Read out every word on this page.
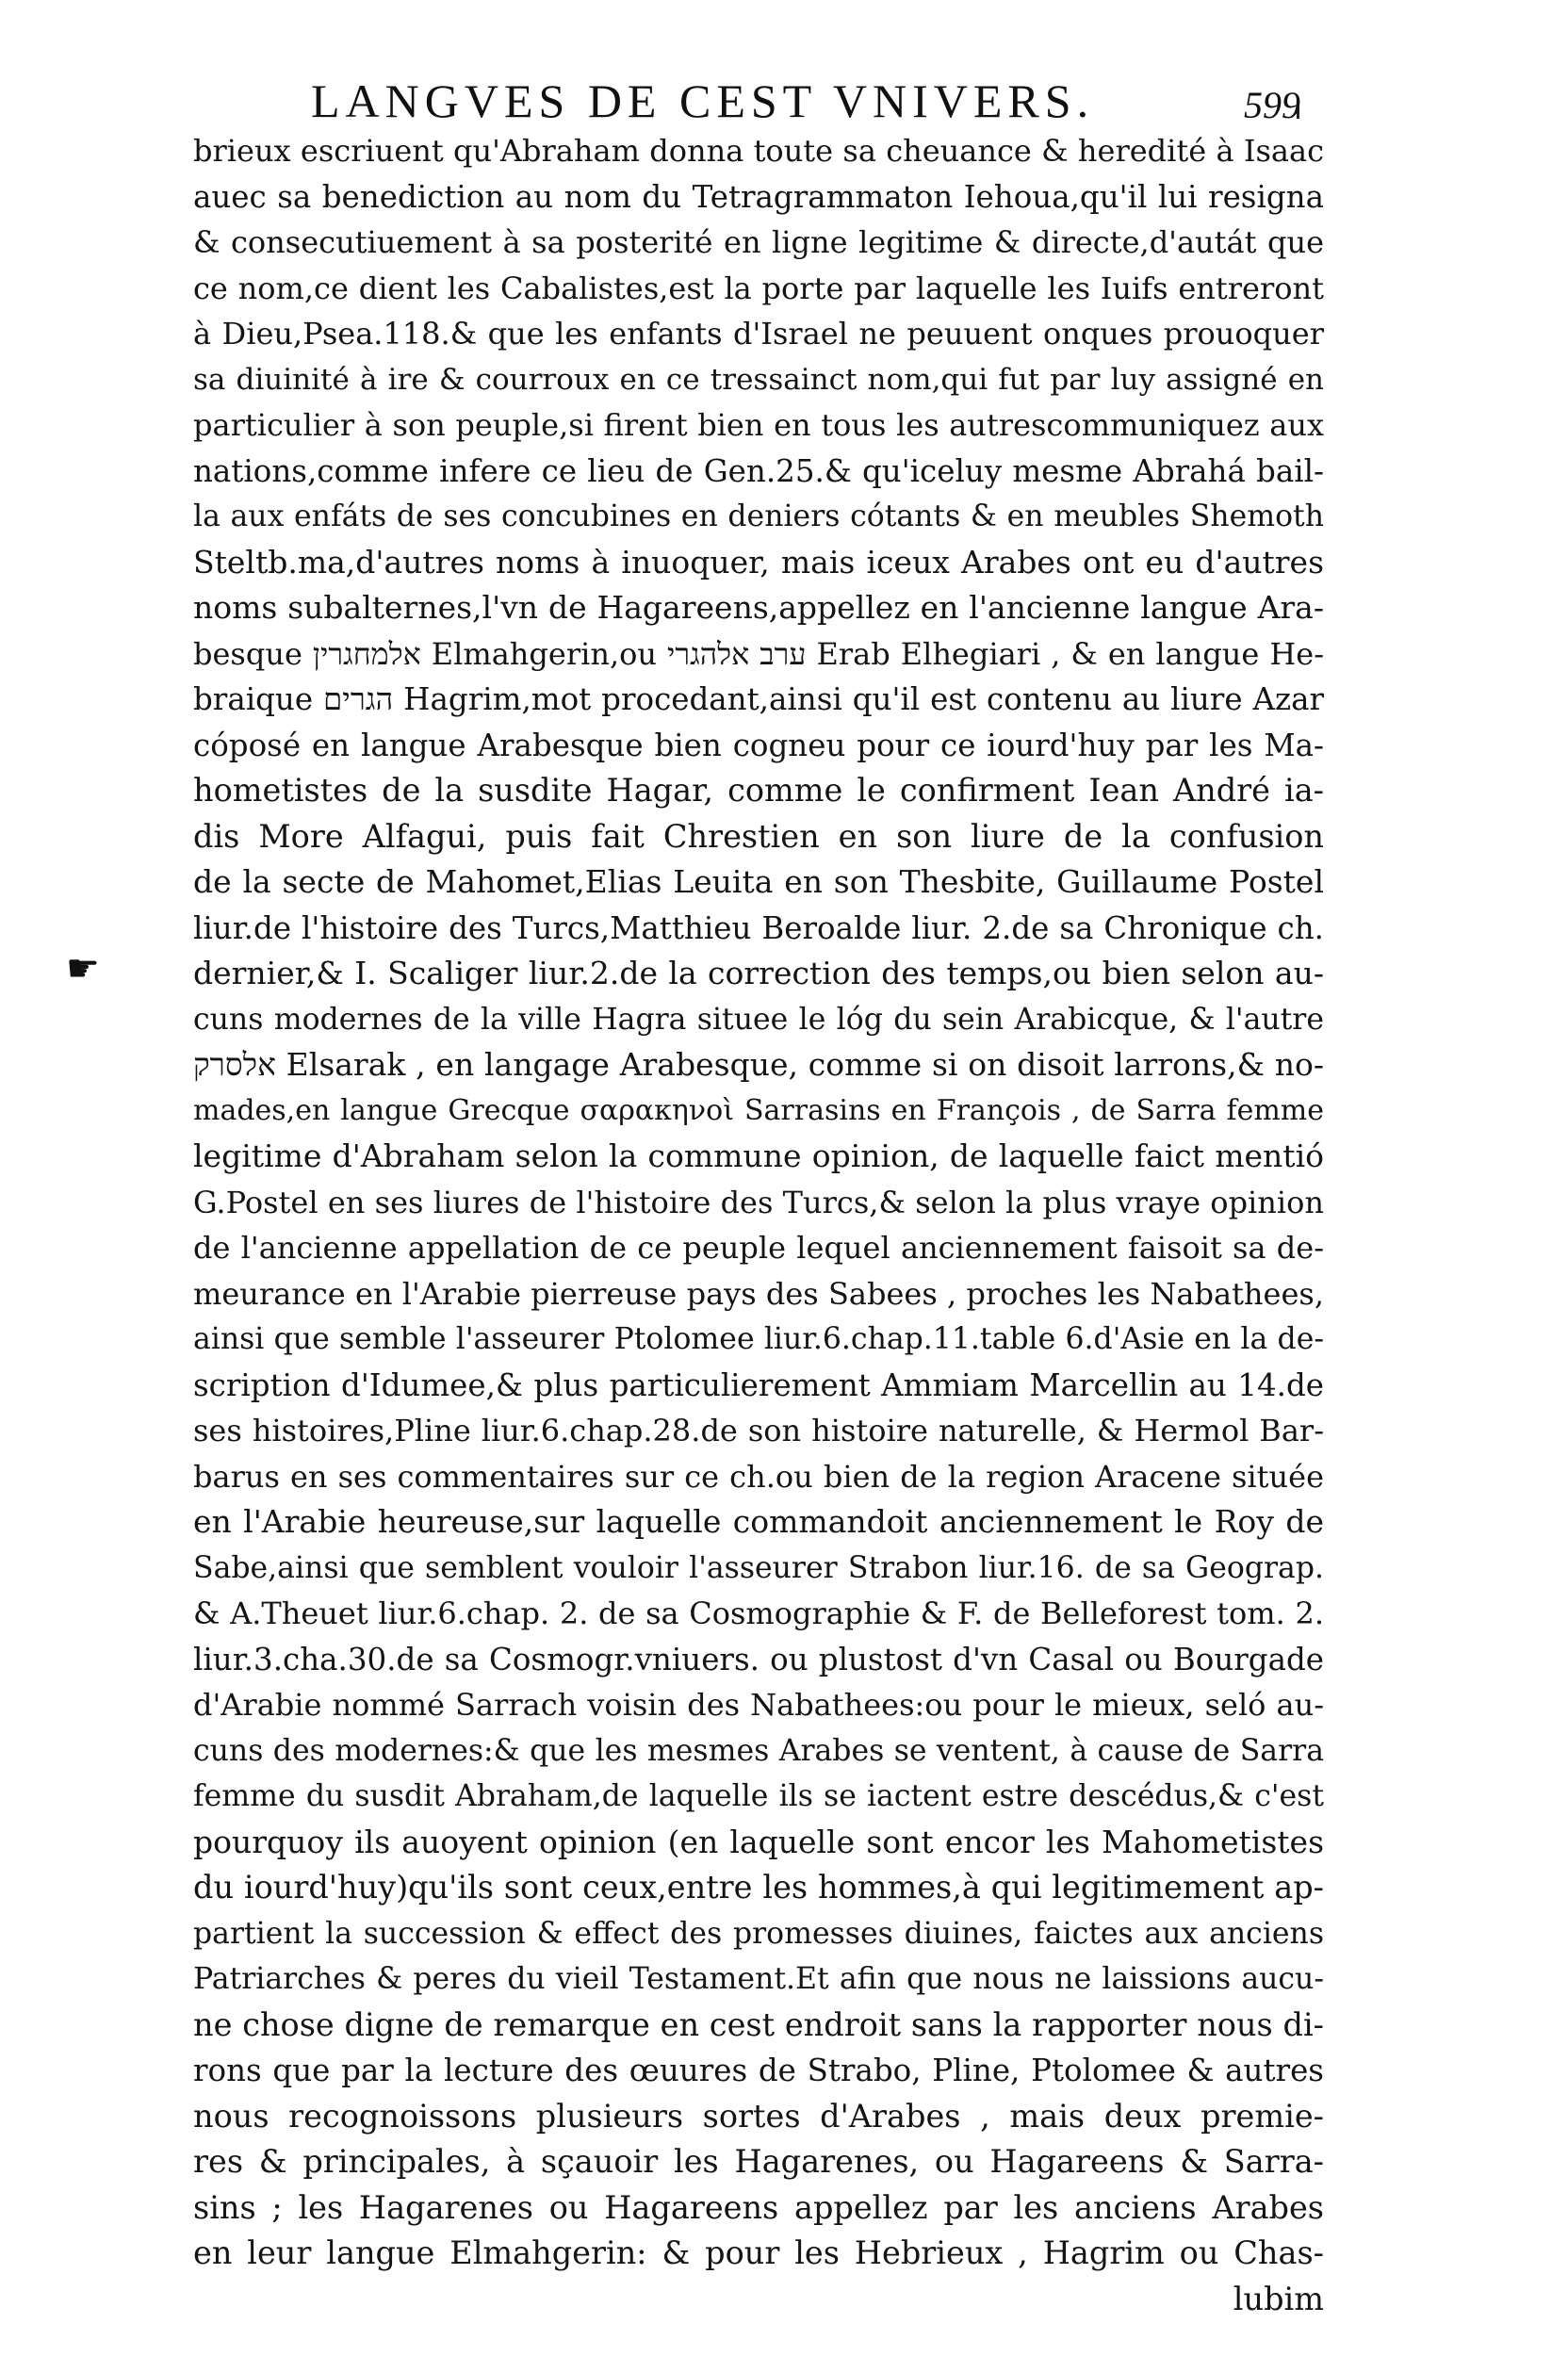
LANGVES DE CEST VNIVERS.	599
☛
brieux escriuent qu'Abraham donna toute sa cheuance & heredité à Isaac
auec sa benediction au nom du Tetragrammaton Iehoua,qu'il lui resigna
& consecutiuement à sa posterité en ligne legitime & directe,d'autát que
ce nom,ce dient les Cabalistes,est la porte par laquelle les Iuifs entreront
à Dieu,Psea.118.& que les enfants d'Israel ne peuuent onques prouoquer
sa diuinité à ire & courroux en ce tressainct nom,qui fut par luy assigné en
particulier à son peuple,si firent bien en tous les autrescommuniquez aux
nations,comme infere ce lieu de Gen.25.& qu'iceluy mesme Abrahá bail-
la aux enfáts de ses concubines en deniers cótants & en meubles Shemoth
Steltb.ma,d'autres noms à inuoquer, mais iceux Arabes ont eu d'autres
noms subalternes,l'vn de Hagareens,appellez en l'ancienne langue Ara-
besque אלמחגרין Elmahgerin,ou ערב אלהגרי Erab Elhegiari , & en langue He-
braique הגרים Hagrim,mot procedant,ainsi qu'il est contenu au liure Azar
cóposé en langue Arabesque bien cogneu pour ce iourd'huy par les Ma-
hometistes de la susdite Hagar, comme le confirment Iean André ia-
dis More Alfagui, puis fait Chrestien en son liure de la confusion
de la secte de Mahomet,Elias Leuita en son Thesbite, Guillaume Postel
liur.de l'histoire des Turcs,Matthieu Beroalde liur. 2.de sa Chronique ch.
dernier,& I. Scaliger liur.2.de la correction des temps,ou bien selon au-
cuns modernes de la ville Hagra situee le lóg du sein Arabicque, & l'autre
אלסרק Elsarak , en langage Arabesque, comme si on disoit larrons,& no-
mades,en langue Grecque σαρακηνοὶ Sarrasins en François , de Sarra femme
legitime d'Abraham selon la commune opinion, de laquelle faict mentió
G.Postel en ses liures de l'histoire des Turcs,& selon la plus vraye opinion
de l'ancienne appellation de ce peuple lequel anciennement faisoit sa de-
meurance en l'Arabie pierreuse pays des Sabees , proches les Nabathees,
ainsi que semble l'asseurer Ptolomee liur.6.chap.11.table 6.d'Asie en la de-
scription d'Idumee,& plus particulierement Ammiam Marcellin au 14.de
ses histoires,Pline liur.6.chap.28.de son histoire naturelle, & Hermol Bar-
barus en ses commentaires sur ce ch.ou bien de la region Aracene située
en l'Arabie heureuse,sur laquelle commandoit anciennement le Roy de
Sabe,ainsi que semblent vouloir l'asseurer Strabon liur.16. de sa Geograp.
& A.Theuet liur.6.chap. 2. de sa Cosmographie & F. de Belleforest tom. 2.
liur.3.cha.30.de sa Cosmogr.vniuers. ou plustost d'vn Casal ou Bourgade
d'Arabie nommé Sarrach voisin des Nabathees:ou pour le mieux, seló au-
cuns des modernes:& que les mesmes Arabes se ventent, à cause de Sarra
femme du susdit Abraham,de laquelle ils se iactent estre descédus,& c'est
pourquoy ils auoyent opinion (en laquelle sont encor les Mahometistes
du iourd'huy)qu'ils sont ceux,entre les hommes,à qui legitimement ap-
partient la succession & effect des promesses diuines, faictes aux anciens
Patriarches & peres du vieil Testament.Et afin que nous ne laissions aucu-
ne chose digne de remarque en cest endroit sans la rapporter nous di-
rons que par la lecture des œuures de Strabo, Pline, Ptolomee & autres
nous recognoissons plusieurs sortes d'Arabes , mais deux premie-
res & principales, à sçauoir les Hagarenes, ou Hagareens & Sarra-
sins ; les Hagarenes ou Hagareens appellez par les anciens Arabes
en leur langue Elmahgerin: & pour les Hebrieux , Hagrim ou Chas-
lubim
